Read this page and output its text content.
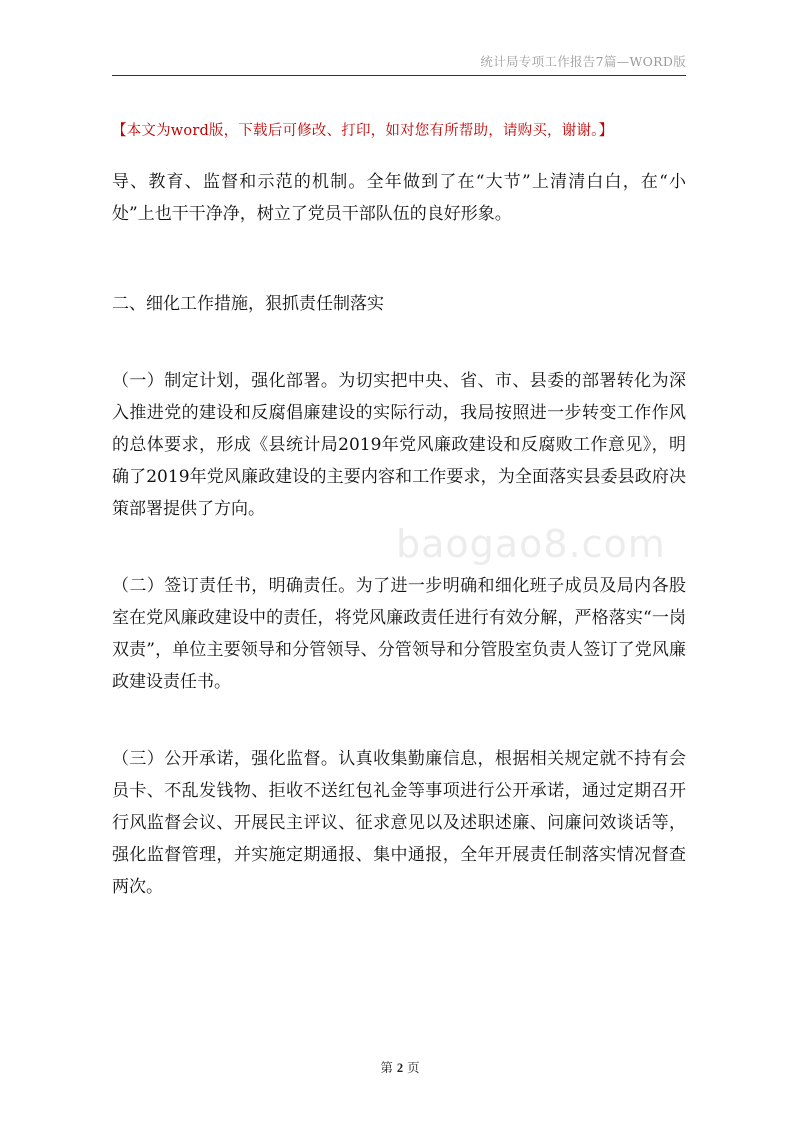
统计局专项工作报告7篇—WORD版
【本文为word版，下载后可修改、打印，如对您有所帮助，请购买，谢谢。】

导、教育、监督和示范的机制。全年做到了在“大节”上清清白白，在“小处”上也干干净净，树立了党员干部队伍的良好形象。

二、细化工作措施，狠抓责任制落实

（一）制定计划，强化部署。为切实把中央、省、市、县委的部署转化为深入推进党的建设和反腐倡廉建设的实际行动，我局按照进一步转变工作作风的总体要求，形成《县统计局2019年党风廉政建设和反腐败工作意见》，明确了2019年党风廉政建设的主要内容和工作要求，为全面落实县委县政府决策部署提供了方向。

（二）签订责任书，明确责任。为了进一步明确和细化班子成员及局内各股室在党风廉政建设中的责任，将党风廉政责任进行有效分解，严格落实“一岗双责”，单位主要领导和分管领导、分管领导和分管股室负责人签订了党风廉政建设责任书。

（三）公开承诺，强化监督。认真收集勤廉信息，根据相关规定就不持有会员卡、不乱发钱物、拒收不送红包礼金等事项进行公开承诺，通过定期召开行风监督会议、开展民主评议、征求意见以及述职述廉、问廉问效谈话等，强化监督管理，并实施定期通报、集中通报，全年开展责任制落实情况督查两次。

baogao8.com
第 2 页
